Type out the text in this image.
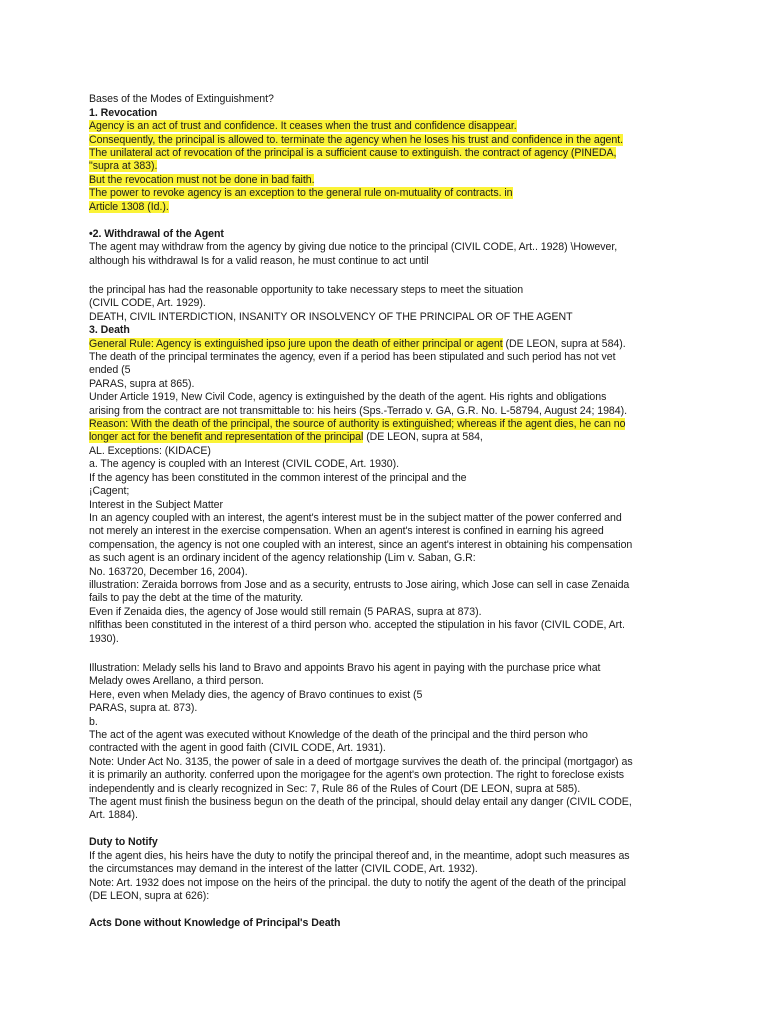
Bases of the Modes of Extinguishment?

1. Revocation

Agency is an act of trust and confidence. It ceases when the trust and confidence disappear.

Consequently, the principal is allowed to. terminate the agency when he loses his trust and confidence in the agent.

The unilateral act of revocation of the principal is a sufficient cause to extinguish. the contract of agency (PINEDA,

"supra at 383).

But the revocation must not be done in bad faith.

The power to revoke agency is an exception to the general rule on-mutuality of contracts. in

Article 1308 (Id.).

•2. Withdrawal of the Agent

The agent may withdraw from the agency by giving due notice to the principal (CIVIL CODE, Art.. 1928) \However,

although his withdrawal Is for a valid reason, he must continue to act until

the principal has had the reasonable opportunity to take necessary steps to meet the situation

(CIVIL CODE, Art. 1929).

DEATH, CIVIL INTERDICTION, INSANITY OR INSOLVENCY OF THE PRINCIPAL OR OF THE AGENT

3. Death

General Rule: Agency is extinguished ipso jure upon the death of either principal or agent (DE LEON, supra at 584).

The death of the principal terminates the agency, even if a period has been stipulated and such period has not vet

ended (5

PARAS, supra at 865).

Under Article 1919, New Civil Code, agency is extinguished by the death of the agent. His rights and obligations

arising from the contract are not transmittable to: his heirs (Sps.-Terrado v. GA, G.R. No. L-58794, August 24; 1984).

Reason: With the death of the principal, the source of authority is extinguished; whereas if the agent dies, he can no

longer act for the benefit and representation of the principal (DE LEON, supra at 584,

AL. Exceptions: (KIDACE)

a. The agency is coupled with an Interest (CIVIL CODE, Art. 1930).

If the agency has been constituted in the common interest of the principal and the

¡Cagent;

Interest in the Subject Matter

In an agency coupled with an interest, the agent's interest must be in the subject matter of the power conferred and

not merely an interest in the exercise compensation. When an agent's interest is confined in earning his agreed

compensation, the agency is not one coupled with an interest, since an agent's interest in obtaining his compensation

as such agent is an ordinary incident of the agency relationship (Lim v. Saban, G.R:

No. 163720, December 16, 2004).

illustration: Zeraida borrows from Jose and as a security, entrusts to Jose airing, which Jose can sell in case Zenaida

fails to pay the debt at the time of the maturity.

Even if Zenaida dies, the agency of Jose would still remain (5 PARAS, supra at 873).

nlfithas been constituted in the interest of a third person who. accepted the stipulation in his favor (CIVIL CODE, Art.

1930).

Illustration: Melady sells his land to Bravo and appoints Bravo his agent in paying with the purchase price what

Melady owes Arellano, a third person.

Here, even when Melady dies, the agency of Bravo continues to exist (5

PARAS, supra at. 873).

b.

The act of the agent was executed without Knowledge of the death of the principal and the third person who

contracted with the agent in good faith (CIVIL CODE, Art. 1931).

Note: Under Act No. 3135, the power of sale in a deed of mortgage survives the death of. the principal (mortgagor) as

it is primarily an authority. conferred upon the morigagee for the agent's own protection. The right to foreclose exists

independently and is clearly recognized in Sec: 7, Rule 86 of the Rules of Court (DE LEON, supra at 585).

The agent must finish the business begun on the death of the principal, should delay entail any danger (CIVIL CODE,

Art. 1884).

Duty to Notify

If the agent dies, his heirs have the duty to notify the principal thereof and, in the meantime, adopt such measures as

the circumstances may demand in the interest of the latter (CIVIL CODE, Art. 1932).

Note: Art. 1932 does not impose on the heirs of the principal. the duty to notify the agent of the death of the principal

(DE LEON, supra at 626):

Acts Done without Knowledge of Principal's Death
